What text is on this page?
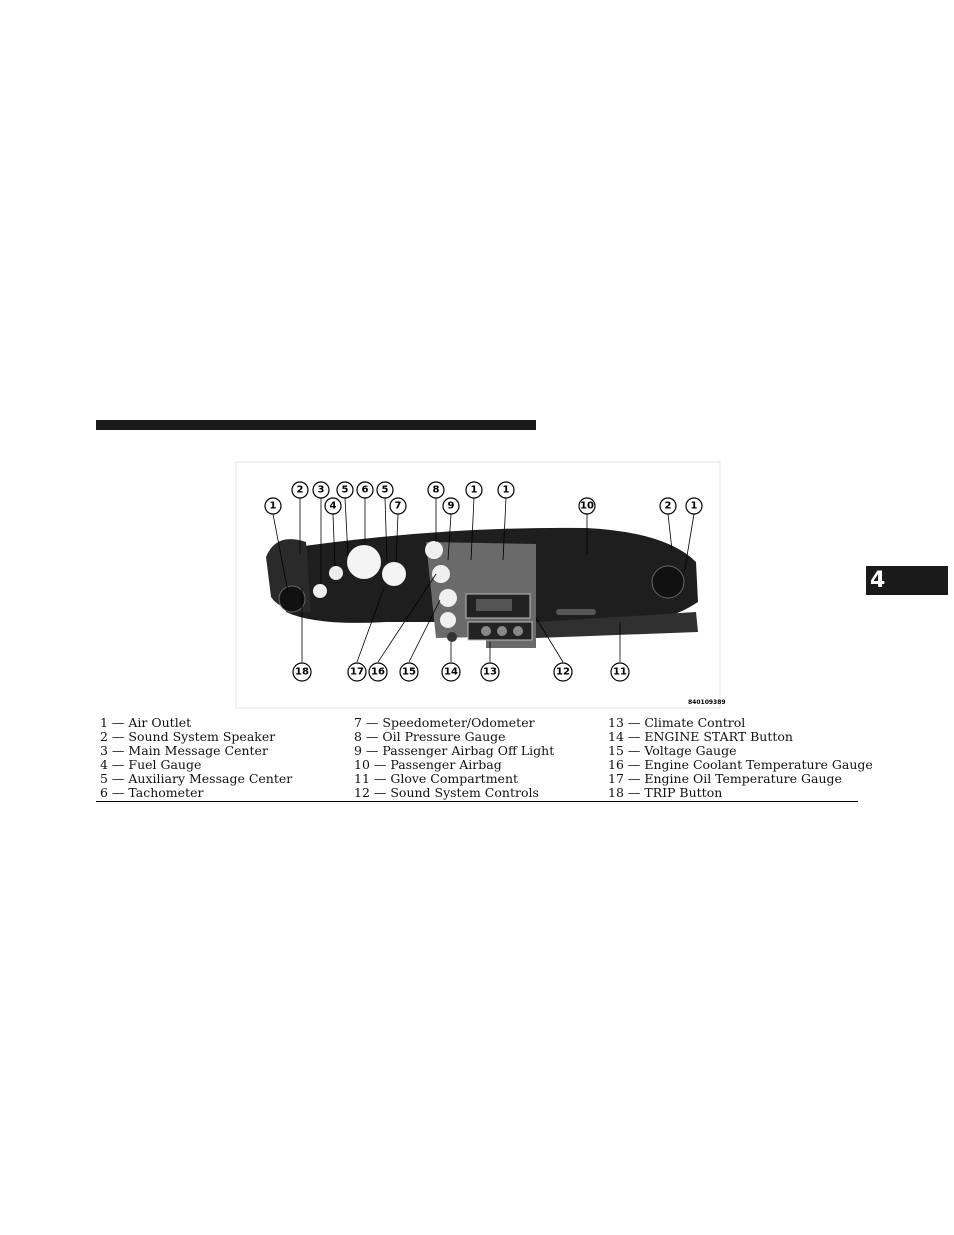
4
1
2 3
4
5 6 5
7
8
9
1	1
10	2 1
18	17 16 15	14	13	12	11
840109389
1 — Air Outlet
2 — Sound System Speaker
3 — Main Message Center
4 — Fuel Gauge
5 — Auxiliary Message Center
6 — Tachometer
7 — Speedometer/Odometer
8 — Oil Pressure Gauge
9 — Passenger Airbag Off Light
10 — Passenger Airbag
11 — Glove Compartment
12 — Sound System Controls
13 — Climate Control
14 — ENGINE START Button
15 — Voltage Gauge
16 — Engine Coolant Temperature Gauge
17 — Engine Oil Temperature Gauge
18 — TRIP Button
